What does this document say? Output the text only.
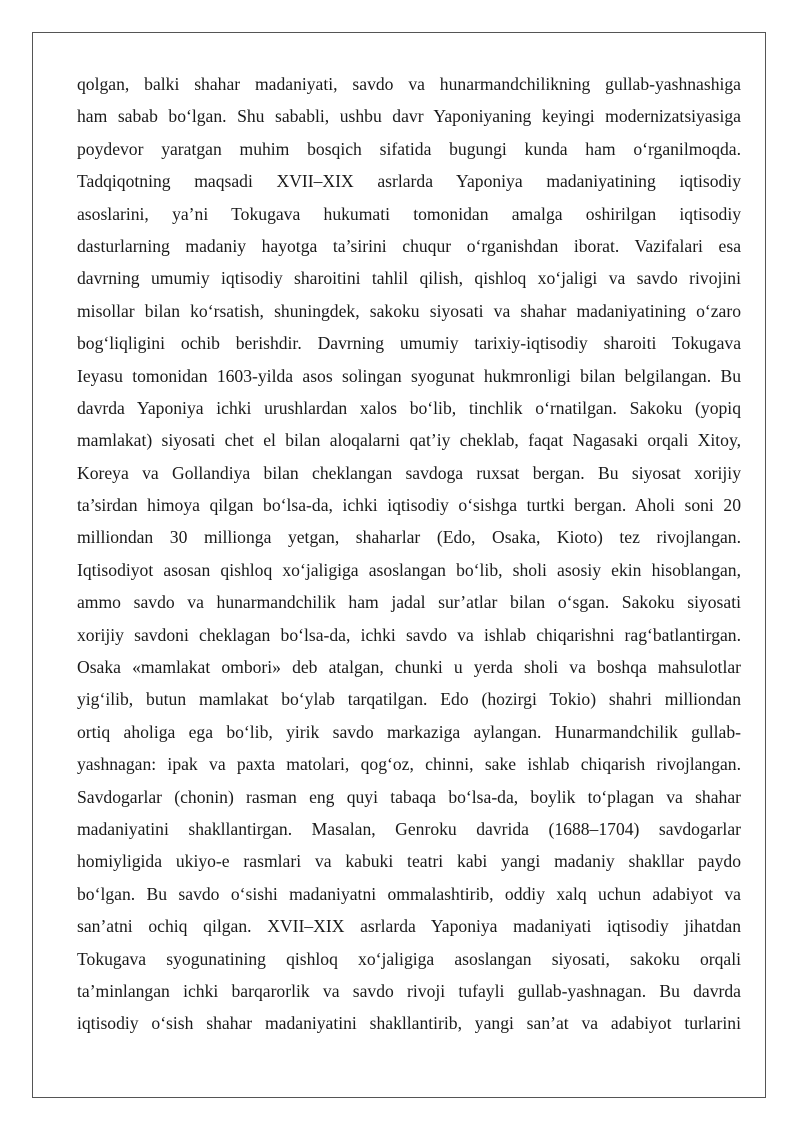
qolgan, balki shahar madaniyati, savdo va hunarmandchilikning gullab-yashnashiga
ham sabab bo‘lgan. Shu sababli, ushbu davr Yaponiyaning keyingi modernizatsiyasiga
poydevor yaratgan muhim bosqich sifatida bugungi kunda ham o‘rganilmoqda.
Tadqiqotning maqsadi XVII–XIX asrlarda Yaponiya madaniyatining iqtisodiy
asoslarini, ya’ni Tokugava hukumati tomonidan amalga oshirilgan iqtisodiy
dasturlarning madaniy hayotga ta’sirini chuqur o‘rganishdan iborat. Vazifalari esa
davrning umumiy iqtisodiy sharoitini tahlil qilish, qishloq xo‘jaligi va savdo rivojini
misollar bilan ko‘rsatish, shuningdek, sakoku siyosati va shahar madaniyatining o‘zaro
bog‘liqligini ochib berishdir. Davrning umumiy tarixiy-iqtisodiy sharoiti Tokugava
Ieyasu tomonidan 1603-yilda asos solingan syogunat hukmronligi bilan belgilangan. Bu
davrda Yaponiya ichki urushlardan xalos bo‘lib, tinchlik o‘rnatilgan. Sakoku (yopiq
mamlakat) siyosati chet el bilan aloqalarni qat’iy cheklab, faqat Nagasaki orqali Xitoy,
Koreya va Gollandiya bilan cheklangan savdoga ruxsat bergan. Bu siyosat xorijiy
ta’sirdan himoya qilgan bo‘lsa-da, ichki iqtisodiy o‘sishga turtki bergan. Aholi soni 20
milliondan 30 millionga yetgan, shaharlar (Edo, Osaka, Kioto) tez rivojlangan.
Iqtisodiyot asosan qishloq xo‘jaligiga asoslangan bo‘lib, sholi asosiy ekin hisoblangan,
ammo savdo va hunarmandchilik ham jadal sur’atlar bilan o‘sgan. Sakoku siyosati
xorijiy savdoni cheklagan bo‘lsa-da, ichki savdo va ishlab chiqarishni rag‘batlantirgan.
Osaka «mamlakat ombori» deb atalgan, chunki u yerda sholi va boshqa mahsulotlar
yig‘ilib, butun mamlakat bo‘ylab tarqatilgan. Edo (hozirgi Tokio) shahri milliondan
ortiq aholiga ega bo‘lib, yirik savdo markaziga aylangan. Hunarmandchilik gullab-
yashnagan: ipak va paxta matolari, qog‘oz, chinni, sake ishlab chiqarish rivojlangan.
Savdogarlar (chonin) rasman eng quyi tabaqa bo‘lsa-da, boylik to‘plagan va shahar
madaniyatini shakllantirgan. Masalan, Genroku davrida (1688–1704) savdogarlar
homiyligida ukiyo-e rasmlari va kabuki teatri kabi yangi madaniy shakllar paydo
bo‘lgan. Bu savdo o‘sishi madaniyatni ommalashtirib, oddiy xalq uchun adabiyot va
san’atni ochiq qilgan. XVII–XIX asrlarda Yaponiya madaniyati iqtisodiy jihatdan
Tokugava syogunatining qishloq xo‘jaligiga asoslangan siyosati, sakoku orqali
ta’minlangan ichki barqarorlik va savdo rivoji tufayli gullab-yashnagan. Bu davrda
iqtisodiy o‘sish shahar madaniyatini shakllantirib, yangi san’at va adabiyot turlarini
